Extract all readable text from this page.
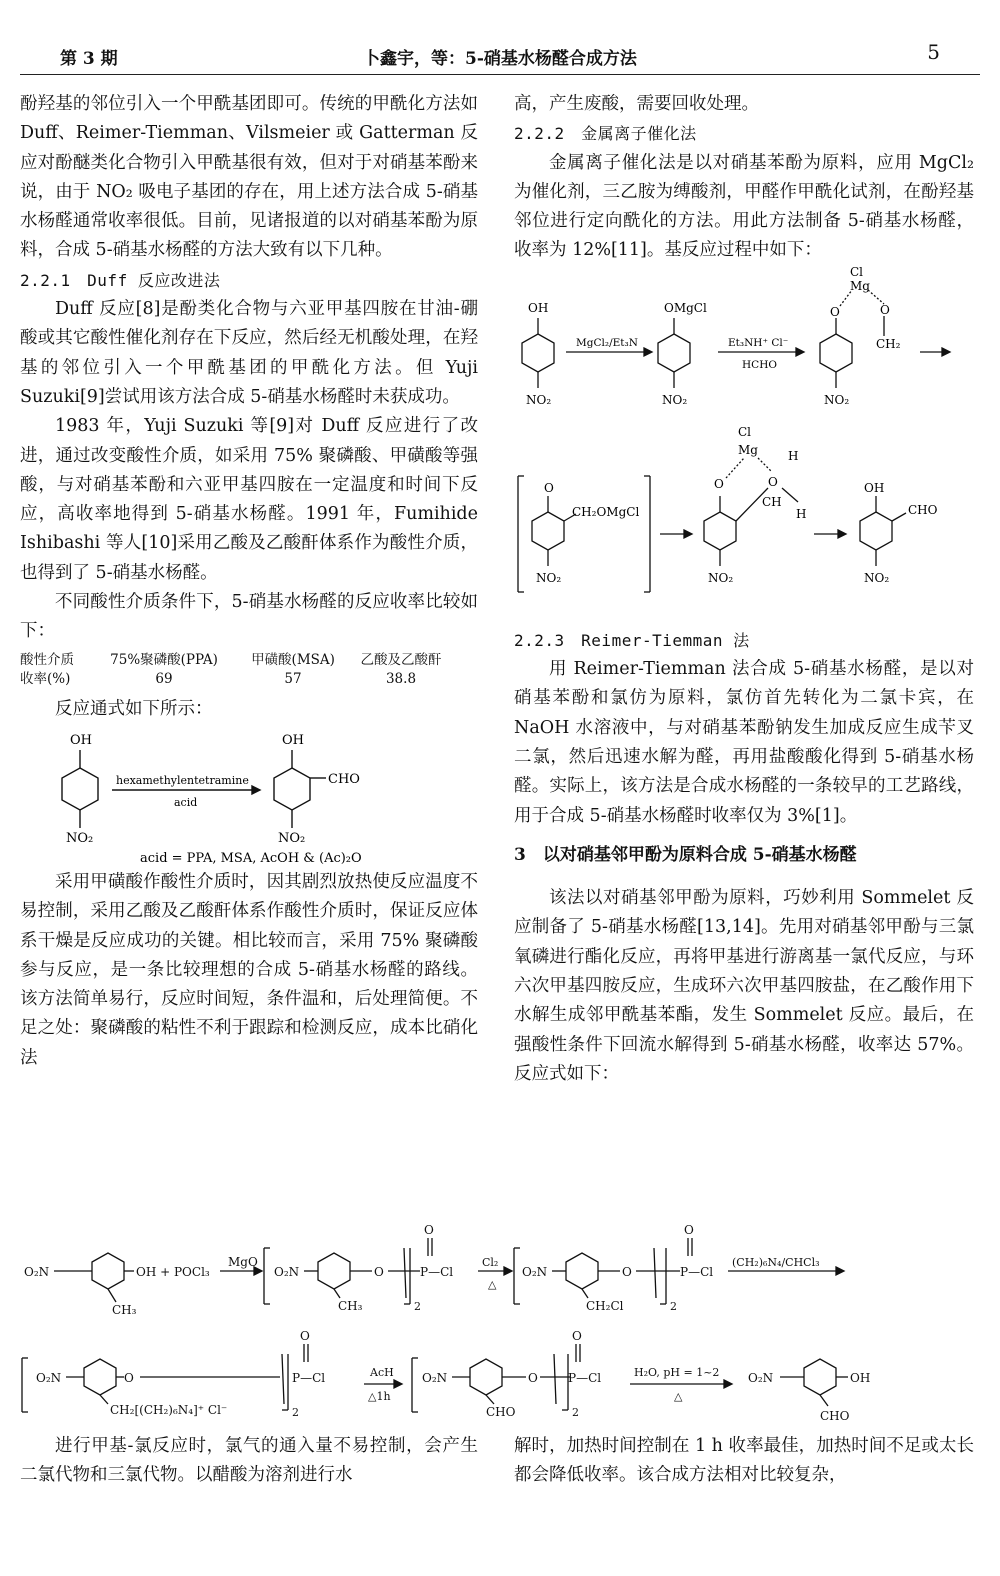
第 3 期	卜鑫宇，等：5-硝基水杨醛合成方法	5

酚羟基的邻位引入一个甲酰基团即可。传统的甲酰化方法如 Duff、Reimer-Tiemman、Vilsmeier 或 Gatterman 反应对酚醚类化合物引入甲酰基很有效，但对于对硝基苯酚来说，由于 NO₂ 吸电子基团的存在，用上述方法合成 5-硝基水杨醛通常收率很低。目前，见诸报道的以对硝基苯酚为原料，合成 5-硝基水杨醛的方法大致有以下几种。

2.2.1　Duff 反应改进法

Duff 反应[8]是酚类化合物与六亚甲基四胺在甘油-硼酸或其它酸性催化剂存在下反应，然后经无机酸处理，在羟基的邻位引入一个甲酰基团的甲酰化方法。但 Yuji Suzuki[9]尝试用该方法合成 5-硝基水杨醛时未获成功。

1983 年，Yuji Suzuki 等[9]对 Duff 反应进行了改进，通过改变酸性介质，如采用 75% 聚磷酸、甲磺酸等强酸，与对硝基苯酚和六亚甲基四胺在一定温度和时间下反应，高收率地得到 5-硝基水杨醛。1991 年，Fumihide Ishibashi 等人[10]采用乙酸及乙酸酐体系作为酸性介质，也得到了 5-硝基水杨醛。

不同酸性介质条件下，5-硝基水杨醛的反应收率比较如下：

酸性介质	75%聚磷酸(PPA)	甲磺酸(MSA)	乙酸及乙酸酐
收率(%)	69	57	38.8

反应通式如下所示：

OH
NO₂
hexamethylentetramine
acid
OH
NO₂
CHO
acid = PPA, MSA, AcOH & (Ac)₂O

采用甲磺酸作酸性介质时，因其剧烈放热使反应温度不易控制，采用乙酸及乙酸酐体系作酸性介质时，保证反应体系干燥是反应成功的关键。相比较而言，采用 75% 聚磷酸参与反应，是一条比较理想的合成 5-硝基水杨醛的路线。该方法简单易行，反应时间短，条件温和，后处理简便。不足之处：聚磷酸的粘性不利于跟踪和检测反应，成本比硝化法

高，产生废酸，需要回收处理。

2.2.2　金属离子催化法

金属离子催化法是以对硝基苯酚为原料，应用 MgCl₂ 为催化剂，三乙胺为缚酸剂，甲醛作甲酰化试剂，在酚羟基邻位进行定向酰化的方法。用此方法制备 5-硝基水杨醛，收率为 12%[11]。基反应过程中如下：

OH
NO₂
MgCl₂/Et₃N
OMgCl
NO₂
Et₃NH⁺ Cl⁻
HCHO
Cl
Mg
O	O
CH₂
NO₂
O
CH₂OMgCl
NO₂
Cl
Mg	H
O	O
CH
H
NO₂
OH
CHO
NO₂
2.2.3　Reimer-Tiemman 法

用 Reimer-Tiemman 法合成 5-硝基水杨醛，是以对硝基苯酚和氯仿为原料，氯仿首先转化为二氯卡宾，在 NaOH 水溶液中，与对硝基苯酚钠发生加成反应生成苄叉二氯，然后迅速水解为醛，再用盐酸酸化得到 5-硝基水杨醛。实际上，该方法是合成水杨醛的一条较早的工艺路线，用于合成 5-硝基水杨醛时收率仅为 3%[1]。

3　以对硝基邻甲酚为原料合成 5-硝基水杨醛

该法以对硝基邻甲酚为原料，巧妙利用 Sommelet 反应制备了 5-硝基水杨醛[13,14]。先用对硝基邻甲酚与三氯氧磷进行酯化反应，再将甲基进行游离基一氯代反应，与环六次甲基四胺反应，生成环六次甲基四胺盐，在乙酸作用下水解生成邻甲酰基苯酯，发生 Sommelet 反应。最后，在强酸性条件下回流水解得到 5-硝基水杨醛，收率达 57%。反应式如下：

O₂N	OH + POCl₃
CH₃
MgO
O₂N	O
O
P—Cl
CH₃	2
Cl₂
△
O₂N	O
O
P—Cl
CH₂Cl	2
(CH₂)₆N₄/CHCl₃
O₂N	O
O
P—Cl
CH₂[(CH₂)₆N₄]⁺ Cl⁻	2
AcH
△1h
O₂N	O
O
P—Cl
CHO	2
H₂O, pH = 1~2
△
O₂N	OH
CHO

进行甲基-氯反应时，氯气的通入量不易控制，会产生二氯代物和三氯代物。以醋酸为溶剂进行水

解时，加热时间控制在 1 h 收率最佳，加热时间不足或太长都会降低收率。该合成方法相对比较复杂，
